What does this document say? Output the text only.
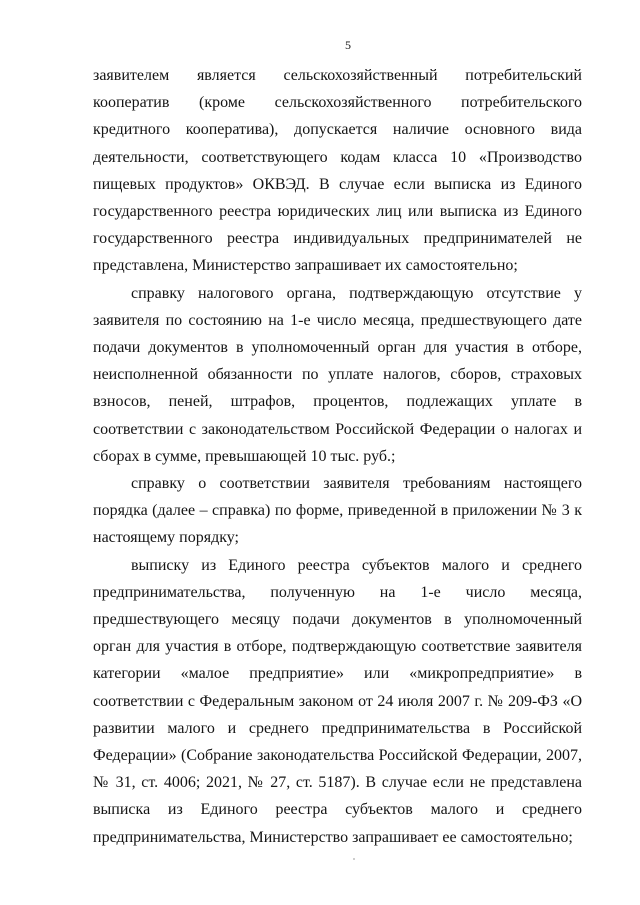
5

заявителем является сельскохозяйственный потребительский кооператив (кроме сельскохозяйственного потребительского кредитного кооператива), допускается наличие основного вида деятельности, соответствующего кодам класса 10 «Производство пищевых продуктов» ОКВЭД. В случае если выписка из Единого государственного реестра юридических лиц или выписка из Единого государственного реестра индивидуальных предпринимателей не представлена, Министерство запрашивает их самостоятельно;

справку налогового органа, подтверждающую отсутствие у заявителя по состоянию на 1-е число месяца, предшествующего дате подачи документов в уполномоченный орган для участия в отборе, неисполненной обязанности по уплате налогов, сборов, страховых взносов, пеней, штрафов, процентов, подлежащих уплате в соответствии с законодательством Российской Федерации о налогах и сборах в сумме, превышающей 10 тыс. руб.;

справку о соответствии заявителя требованиям настоящего порядка (далее – справка) по форме, приведенной в приложении № 3 к настоящему порядку;

выписку из Единого реестра субъектов малого и среднего предпринимательства, полученную на 1-е число месяца, предшествующего месяцу подачи документов в уполномоченный орган для участия в отборе, подтверждающую соответствие заявителя категории «малое предприятие» или «микропредприятие» в соответствии с Федеральным законом от 24 июля 2007 г. № 209-ФЗ «О развитии малого и среднего предпринимательства в Российской Федерации» (Собрание законодательства Российской Федерации, 2007, № 31, ст. 4006; 2021, № 27, ст. 5187). В случае если не представлена выписка из Единого реестра субъектов малого и среднего предпринимательства, Министерство запрашивает ее самостоятельно;
